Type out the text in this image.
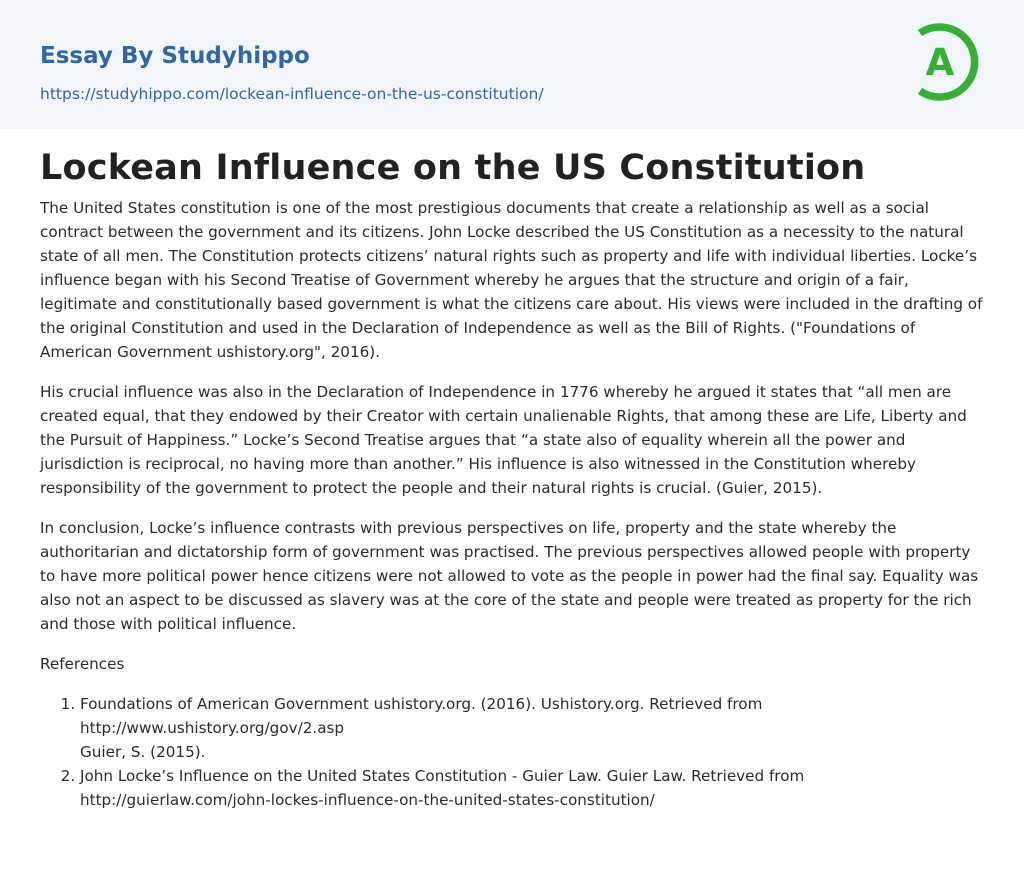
Essay By Studyhippo
https://studyhippo.com/lockean-influence-on-the-us-constitution/
A
Lockean Influence on the US Constitution

The United States constitution is one of the most prestigious documents that create a relationship as well as a social contract between the government and its citizens. John Locke described the US Constitution as a necessity to the natural state of all men. The Constitution protects citizens’ natural rights such as property and life with individual liberties. Locke’s influence began with his Second Treatise of Government whereby he argues that the structure and origin of a fair, legitimate and constitutionally based government is what the citizens care about. His views were included in the drafting of the original Constitution and used in the Declaration of Independence as well as the Bill of Rights. ("Foundations of American Government ushistory.org", 2016).

His crucial influence was also in the Declaration of Independence in 1776 whereby he argued it states that “all men are created equal, that they endowed by their Creator with certain unalienable Rights, that among these are Life, Liberty and the Pursuit of Happiness.” Locke’s Second Treatise argues that “a state also of equality wherein all the power and jurisdiction is reciprocal, no having more than another.” His influence is also witnessed in the Constitution whereby responsibility of the government to protect the people and their natural rights is crucial. (Guier, 2015).

In conclusion, Locke’s influence contrasts with previous perspectives on life, property and the state whereby the authoritarian and dictatorship form of government was practised. The previous perspectives allowed people with property to have more political power hence citizens were not allowed to vote as the people in power had the final say. Equality was also not an aspect to be discussed as slavery was at the core of the state and people were treated as property for the rich and those with political influence.

References

1. Foundations of American Government ushistory.org. (2016). Ushistory.org. Retrieved from
http://www.ushistory.org/gov/2.asp
Guier, S. (2015).
2. John Locke’s Influence on the United States Constitution - Guier Law. Guier Law. Retrieved from
http://guierlaw.com/john-lockes-influence-on-the-united-states-constitution/
